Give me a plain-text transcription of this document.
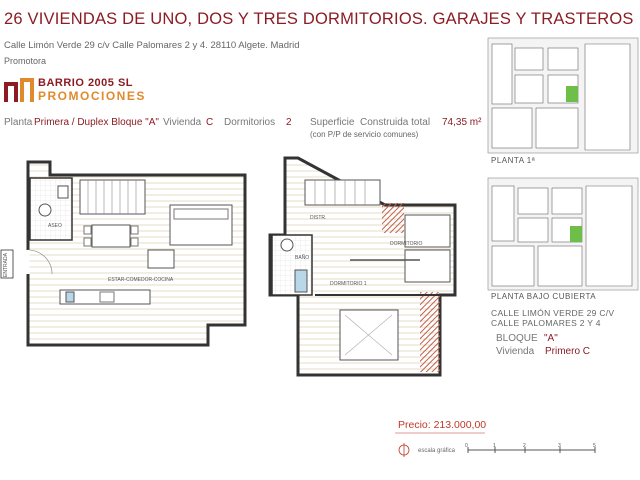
26 VIVIENDAS DE UNO, DOS Y TRES DORMITORIOS. GARAJES Y TRASTEROS
Calle Limón Verde 29 c/v Calle Palomares 2 y 4. 28110 Algete. Madrid
Promotora
BARRIO 2005 SL
PROMOCIONES
Planta Primera / Duplex Bloque "A" Vivienda C Dormitorios 2 Superficie Construida total 74,35 m²
(con P/P de servicio comunes)
ASEO
ESTAR-COMEDOR-COCINA
DISTR.
BAÑO
DORMITORIO
DORMITORIO 1
ENTRADA
PLANTA 1ª
PLANTA BAJO CUBIERTA
CALLE LIMÓN VERDE 29 C/V
CALLE PALOMARES 2 Y 4
BLOQUE "A"
Vivienda Primero C
Precio: 213.000,00
escala gráfica
0	1	2	3	5
